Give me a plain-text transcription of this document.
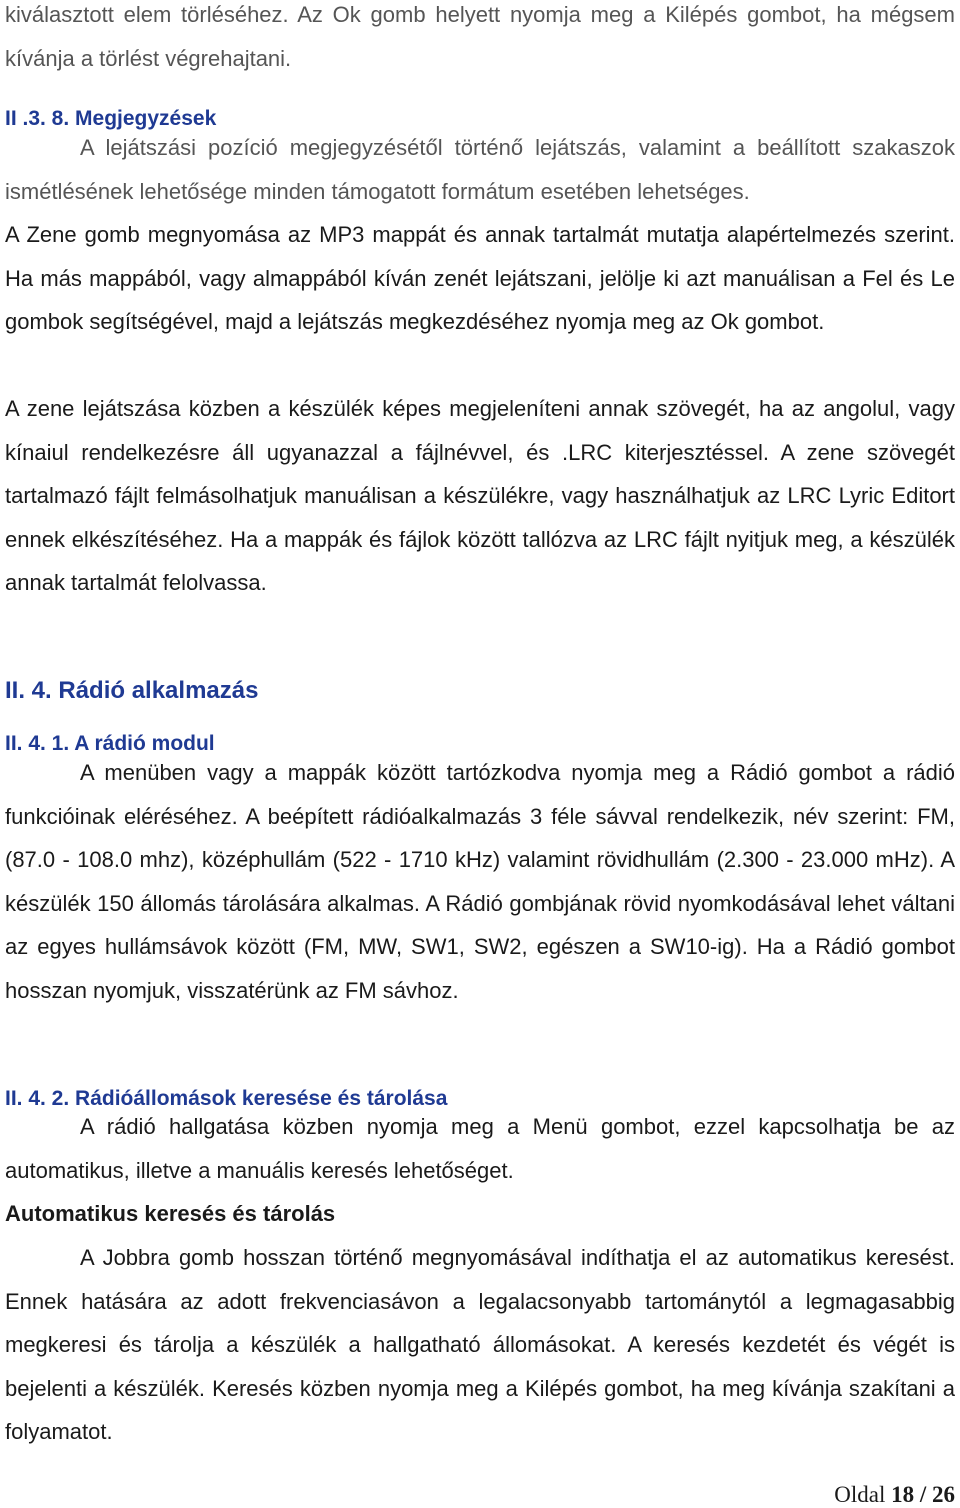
kiválasztott elem törléséhez. Az Ok gomb helyett nyomja meg a Kilépés gombot, ha mégsem kívánja a törlést végrehajtani.

II .3. 8. Megjegyzések

A lejátszási pozíció megjegyzésétől történő lejátszás, valamint a beállított szakaszok ismétlésének lehetősége minden támogatott formátum esetében lehetséges.

A Zene gomb megnyomása az MP3 mappát és annak tartalmát mutatja alapértelmezés szerint. Ha más mappából, vagy almappából kíván zenét lejátszani, jelölje ki azt manuálisan a Fel és Le gombok segítségével, majd a lejátszás megkezdéséhez nyomja meg az Ok gombot.

A zene lejátszása közben a készülék képes megjeleníteni annak szövegét, ha az angolul, vagy kínaiul rendelkezésre áll ugyanazzal a fájlnévvel, és .LRC kiterjesztéssel. A zene szövegét tartalmazó fájlt felmásolhatjuk manuálisan a készülékre, vagy használhatjuk az LRC Lyric Editort ennek elkészítéséhez. Ha a mappák és fájlok között tallózva az LRC fájlt nyitjuk meg, a készülék annak tartalmát felolvassa.

II. 4. Rádió alkalmazás
II. 4. 1. A rádió modul

A menüben vagy a mappák között tartózkodva nyomja meg a Rádió gombot a rádió funkcióinak eléréséhez. A beépített rádióalkalmazás 3 féle sávval rendelkezik, név szerint: FM, (87.0 - 108.0 mhz), középhullám (522 - 1710 kHz) valamint rövidhullám (2.300 - 23.000 mHz). A készülék 150 állomás tárolására alkalmas. A Rádió gombjának rövid nyomkodásával lehet váltani az egyes hullámsávok között (FM, MW, SW1, SW2, egészen a SW10-ig). Ha a Rádió gombot hosszan nyomjuk, visszatérünk az FM sávhoz.

II. 4. 2. Rádióállomások keresése és tárolása

A rádió hallgatása közben nyomja meg a Menü gombot, ezzel kapcsolhatja be az automatikus, illetve a manuális keresés lehetőséget.

Automatikus keresés és tárolás

A Jobbra gomb hosszan történő megnyomásával indíthatja el az automatikus keresést. Ennek hatására az adott frekvenciasávon a legalacsonyabb tartománytól a legmagasabbig megkeresi és tárolja a készülék a hallgatható állomásokat. A keresés kezdetét és végét is bejelenti a készülék. Keresés közben nyomja meg a Kilépés gombot, ha meg kívánja szakítani a folyamatot.

Oldal 18 / 26
